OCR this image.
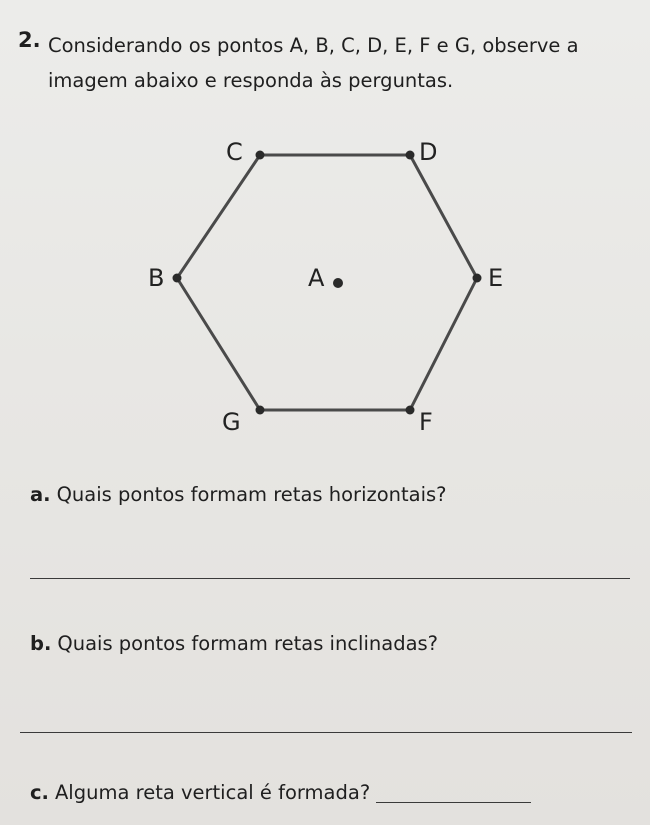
2. Considerando os pontos A, B, C, D, E, F e G, observe a imagem abaixo e responda às perguntas.
C	D
E
F
G
B	A
a. Quais pontos formam retas horizontais?
b. Quais pontos formam retas inclinadas?
c. Alguma reta vertical é formada?
